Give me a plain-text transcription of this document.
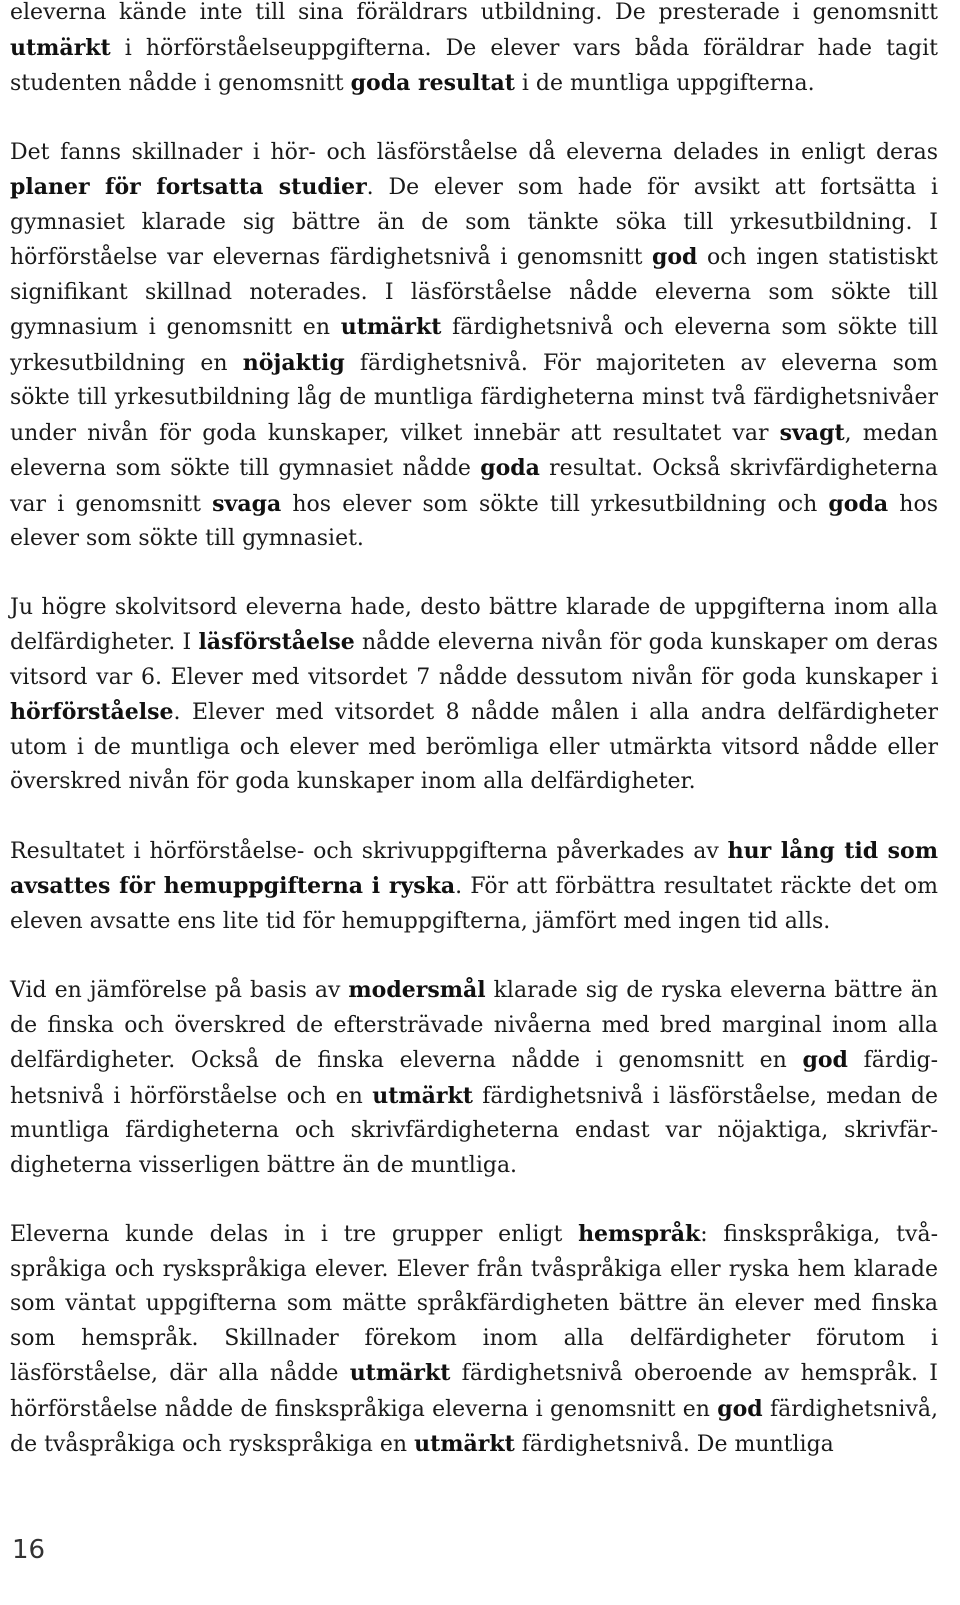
eleverna kände inte till sina föräldrars utbildning. De presterade i genomsnitt utmärkt i hörförståelseuppgifterna. De elever vars båda föräldrar hade tagit studenten nådde i genomsnitt goda resultat i de muntliga uppgifterna.

Det fanns skillnader i hör- och läsförståelse då eleverna delades in enligt deras planer för fortsatta studier. De elever som hade för avsikt att fortsätta i gymnasiet klarade sig bättre än de som tänkte söka till yrkesutbildning. I hörförståelse var elevernas färdighetsnivå i genomsnitt god och ingen statistiskt signifikant skillnad noterades. I läsförståelse nådde eleverna som sökte till gymnasium i genomsnitt en utmärkt färdighetsnivå och eleverna som sökte till yrkesutbildning en nöjaktig färdighetsnivå. För majoriteten av eleverna som sökte till yrkesutbildning låg de muntliga färdigheterna minst två färdighetsnivåer under nivån för goda kunskaper, vilket innebär att resultatet var svagt, medan eleverna som sökte till gymnasiet nådde goda resultat. Också skrivfärdigheterna var i genomsnitt svaga hos elever som sökte till yrkesutbildning och goda hos elever som sökte till gymnasiet.

Ju högre skolvitsord eleverna hade, desto bättre klarade de uppgifterna inom alla delfärdigheter. I läsförståelse nådde eleverna nivån för goda kunskaper om deras vitsord var 6. Elever med vitsordet 7 nådde dessutom nivån för goda kunskaper i hörförståelse. Elever med vitsordet 8 nådde målen i alla andra delfärdigheter utom i de muntliga och elever med berömliga eller utmärkta vitsord nådde eller överskred nivån för goda kunskaper inom alla delfärdigheter.

Resultatet i hörförståelse- och skrivuppgifterna påverkades av hur lång tid som avsattes för hemuppgifterna i ryska. För att förbättra resultatet räckte det om eleven avsatte ens lite tid för hemuppgifterna, jämfört med ingen tid alls.

Vid en jämförelse på basis av modersmål klarade sig de ryska eleverna bättre än de finska och överskred de eftersträvade nivåerna med bred marginal inom alla delfärdigheter. Också de finska eleverna nådde i genomsnitt en god färdighetsnivå i hörförståelse och en utmärkt färdighetsnivå i läsförståelse, medan de muntliga färdigheterna och skrivfärdigheterna endast var nöjaktiga, skrivfärdigheterna visserligen bättre än de muntliga.

Eleverna kunde delas in i tre grupper enligt hemspråk: finskspråkiga, tvåspråkiga och ryskspråkiga elever. Elever från tvåspråkiga eller ryska hem klarade som väntat uppgifterna som mätte språkfärdigheten bättre än elever med finska som hemspråk. Skillnader förekom inom alla delfärdigheter förutom i läsförståelse, där alla nådde utmärkt färdighetsnivå oberoende av hemspråk. I hörförståelse nådde de finskspråkiga eleverna i genomsnitt en god färdighetsnivå, de tvåspråkiga och ryskspråkiga en utmärkt färdighetsnivå. De muntliga

16
